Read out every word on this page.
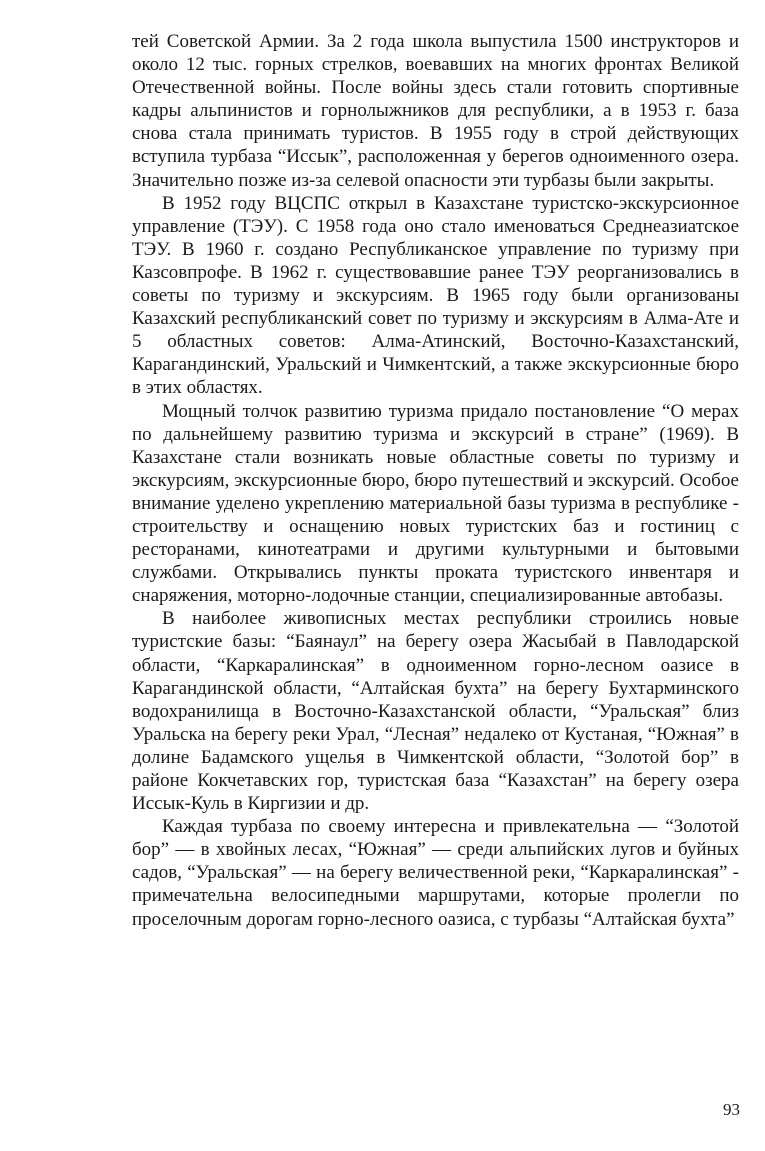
тей Советской Армии. За 2 года школа выпустила 1500 инструкторов и около 12 тыс. горных стрелков, воевавших на многих фронтах Великой Отечественной войны. После войны здесь стали готовить спортивные кадры альпинистов и горнолыжников для республики, а в 1953 г. база снова стала принимать туристов. В 1955 году в строй действующих вступила турбаза “Иссык”, расположенная у берегов одноименного озера. Значительно позже из-за селевой опасности эти турбазы были закрыты.

В 1952 году ВЦСПС открыл в Казахстане туристско-экскурсионное управление (ТЭУ). С 1958 года оно стало именоваться Среднеазиатское ТЭУ. В 1960 г. создано Республиканское управление по туризму при Казсовпрофе. В 1962 г. существовавшие ранее ТЭУ реорганизовались в советы по туризму и экскурсиям. В 1965 году были организованы Казахский республиканский совет по туризму и экскурсиям в Алма-Ате и 5 областных советов: Алма-Атинский, Восточно-Казахстанский, Карагандинский, Уральский и Чимкентский, а также экскурсионные бюро в этих областях.

Мощный толчок развитию туризма придало постановление “О мерах по дальнейшему развитию туризма и экскурсий в стране” (1969). В Казахстане стали возникать новые областные советы по туризму и экскурсиям, экскурсионные бюро, бюро путешествий и экскурсий. Особое внимание уделено укреплению материальной базы туризма в республике - строительству и оснащению новых туристских баз и гостиниц с ресторанами, кинотеатрами и другими культурными и бытовыми службами. Открывались пункты проката туристского инвентаря и снаряжения, моторно-лодочные станции, специализированные автобазы.

В наиболее живописных местах республики строились новые туристские базы: “Баянаул” на берегу озера Жасыбай в Павлодарской области, “Каркаралинская” в одноименном горно-лесном оазисе в Карагандинской области, “Алтайская бухта” на берегу Бухтарминского водохранилища в Восточно-Казахстанской области, “Уральская” близ Уральска на берегу реки Урал, “Лесная” недалеко от Кустаная, “Южная” в долине Бадамского ущелья в Чимкентской области, “Золотой бор” в районе Кокчетавских гор, туристская база “Казахстан” на берегу озера Иссык-Куль в Киргизии и др.

Каждая турбаза по своему интересна и привлекательна — “Золотой бор” — в хвойных лесах, “Южная” — среди альпийских лугов и буйных садов, “Уральская” — на берегу величественной реки, “Каркаралинская” - примечательна велосипедными маршрутами, которые пролегли по проселочным дорогам горно-лесного оазиса, с турбазы “Алтайская бухта”

93
